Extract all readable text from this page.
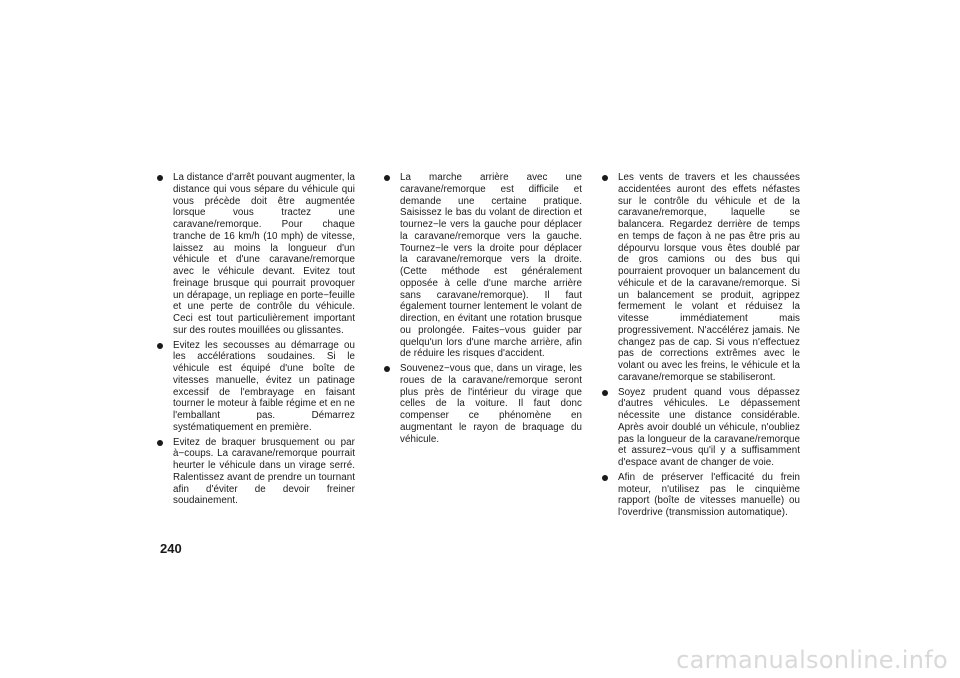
La distance d'arrêt pouvant augmenter, la distance qui vous sépare du véhicule qui vous précède doit être augmentée lorsque vous tractez une caravane/remorque. Pour chaque tranche de 16 km/h (10 mph) de vitesse, laissez au moins la longueur d'un véhicule et d'une caravane/remorque avec le véhicule devant. Evitez tout freinage brusque qui pourrait provoquer un dérapage, un repliage en porte−feuille et une perte de contrôle du véhicule. Ceci est tout particulièrement important sur des routes mouillées ou glissantes.
Evitez les secousses au démarrage ou les accélérations soudaines. Si le véhicule est équipé d'une boîte de vitesses manuelle, évitez un patinage excessif de l'embrayage en faisant tourner le moteur à faible régime et en ne l'emballant pas. Démarrez systématiquement en première.
Evitez de braquer brusquement ou par à−coups. La caravane/remorque pourrait heurter le véhicule dans un virage serré. Ralentissez avant de prendre un tournant afin d'éviter de devoir freiner soudainement.
La marche arrière avec une caravane/remorque est difficile et demande une certaine pratique. Saisissez le bas du volant de direction et tournez−le vers la gauche pour déplacer la caravane/remorque vers la gauche. Tournez−le vers la droite pour déplacer la caravane/remorque vers la droite. (Cette méthode est généralement opposée à celle d'une marche arrière sans caravane/remorque). Il faut également tourner lentement le volant de direction, en évitant une rotation brusque ou prolongée. Faites−vous guider par quelqu'un lors d'une marche arrière, afin de réduire les risques d'accident.
Souvenez−vous que, dans un virage, les roues de la caravane/remorque seront plus près de l'intérieur du virage que celles de la voiture. Il faut donc compenser ce phénomène en augmentant le rayon de braquage du véhicule.
Les vents de travers et les chaussées accidentées auront des effets néfastes sur le contrôle du véhicule et de la caravane/remorque, laquelle se balancera. Regardez derrière de temps en temps de façon à ne pas être pris au dépourvu lorsque vous êtes doublé par de gros camions ou des bus qui pourraient provoquer un balancement du véhicule et de la caravane/remorque. Si un balancement se produit, agrippez fermement le volant et réduisez la vitesse immédiatement mais progressivement. N'accélérez jamais. Ne changez pas de cap. Si vous n'effectuez pas de corrections extrêmes avec le volant ou avec les freins, le véhicule et la caravane/remorque se stabiliseront.
Soyez prudent quand vous dépassez d'autres véhicules. Le dépassement nécessite une distance considérable. Après avoir doublé un véhicule, n'oubliez pas la longueur de la caravane/remorque et assurez−vous qu'il y a suffisamment d'espace avant de changer de voie.
Afin de préserver l'efficacité du frein moteur, n'utilisez pas le cinquième rapport (boîte de vitesses manuelle) ou l'overdrive (transmission automatique).
240
carmanualsonline.info
